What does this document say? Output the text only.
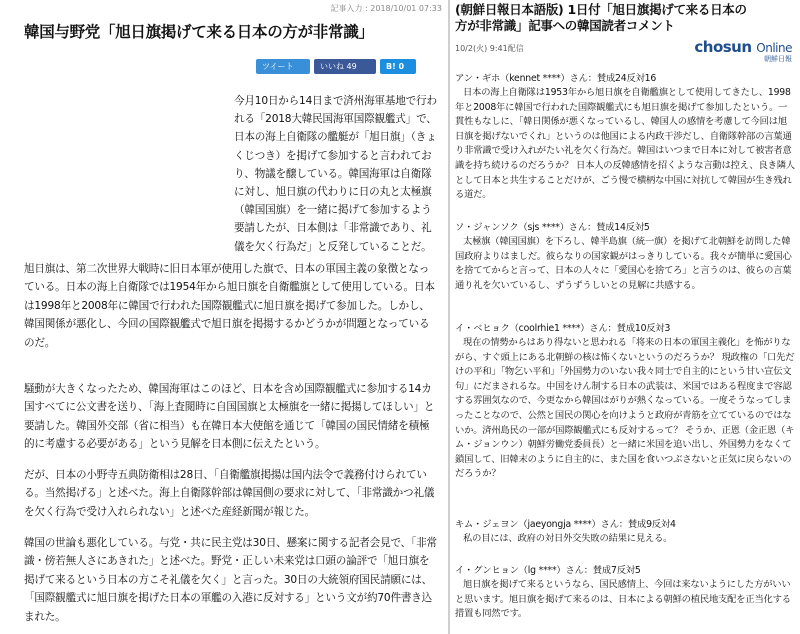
記事入力 : 2018/10/01 07:33
韓国与野党「旭日旗掲げて来る日本の方が非常識」
ツイート	いいね 49	B! 0

今月10日から14日まで済州海軍基地で行われる「2018大韓民国海軍国際観艦式」で、日本の海上自衛隊の艦艇が「旭日旗」（きょくじつき）を掲げて参加すると言われており、物議を醸している。韓国海軍は自衛隊に対し、旭日旗の代わりに日の丸と太極旗（韓国国旗）を一緒に掲げて参加するよう要請したが、日本側は「非常識であり、礼儀を欠く行為だ」と反発していることだ。

旭日旗は、第二次世界大戦時に旧日本軍が使用した旗で、日本の軍国主義の象徴となっている。日本の海上自衛隊では1954年から旭日旗を自衛艦旗として使用している。日本は1998年と2008年に韓国で行われた国際観艦式に旭日旗を掲げて参加した。しかし、韓国関係が悪化し、今回の国際観艦式で旭日旗を掲揚するかどうかが問題となっているのだ。

騒動が大きくなったため、韓国海軍はこのほど、日本を含め国際観艦式に参加する14カ国すべてに公文書を送り、「海上査閲時に自国国旗と太極旗を一緒に掲揚してほしい」と要請した。韓国外交部（省に相当）も在韓日本大使館を通じて「韓国の国民情緒を積極的に考慮する必要がある」という見解を日本側に伝えたという。

だが、日本の小野寺五典防衛相は28日、「自衛艦旗掲揚は国内法令で義務付けられている。当然掲げる」と述べた。海上自衛隊幹部は韓国側の要求に対して、「非常識かつ礼儀を欠く行為で受け入れられない」と述べた産経新聞が報じた。

韓国の世論も悪化している。与党・共に民主党は30日、懸案に関する記者会見で、「非常識・傍若無人さにあきれた」と述べた。野党・正しい未来党は口頭の論評で「旭日旗を掲げて来るという日本の方こそ礼儀を欠く」と言った。30日の大統領府国民請願には、「国際観艦式に旭日旗を掲げた日本の軍艦の入港に反対する」という文が約70件書き込まれた。

(朝鮮日報日本語版) 1日付「旭日旗掲げて来る日本の方が非常識」記事への韓国読者コメント
10/2(火) 9:41配信	chosun Online
朝鮮日報
アン・ギホ（kennet ****）さん：賛成24反対16

日本の海上自衛隊は1953年から旭日旗を自衛艦旗として使用してきたし、1998年と2008年に韓国で行われた国際観艦式にも旭日旗を掲げて参加したという。一貫性もなしに、「韓日関係が悪くなっているし、韓国人の感情を考慮して今回は旭日旗を掲げないでくれ」というのは他国による内政干渉だし、自衛隊幹部の言葉通り非常識で受け入れがたい礼を欠く行為だ。韓国はいつまで日本に対して被害者意識を持ち続けるのだろうか？ 日本人の反韓感情を招くような言動は控え、良き隣人として日本と共生することだけが、ごう慢で横柄な中国に対抗して韓国が生き残れる道だ。

ソ・ジャンソク（sjs ****）さん：賛成14反対5

太極旗（韓国国旗）を下ろし、韓半島旗（統一旗）を掲げて北朝鮮を訪問した韓国政府よりはましだ。彼らなりの国家観がはっきりしている。我々が簡単に愛国心を捨ててからと言って、日本の人々に「愛国心を捨てろ」と言うのは、彼らの言葉通り礼を欠いているし、ずうずうしいとの見解に共感する。

イ・ベヒョク（coolrhie1 ****）さん：賛成10反対3

現在の情勢からはあり得ないと思われる「将来の日本の軍国主義化」を怖がりながら、すぐ頭上にある北朝鮮の核は怖くないというのだろうか？ 現政権の「口先だけの平和」「物乞い平和」「外国勢力のいない我々同士で自主的にという甘い宣伝文句」にだまされるな。中国をけん制する日本の武装は、米国ではある程度まで容認する雰囲気なので、今更なから韓国はがりが熱くなっている。一度そうなってしまったことなので、公然と国民の関心を向けようと政府が青筋を立てているのではないか。済州島民の一部が国際観艦式にも反対するって？ そうか、正恩（金正恩（キム・ジョンウン）朝鮮労働党委員長）と一緒に米国を追い出し、外国勢力をなくて鎖国して、旧韓末のように自主的に、また国を食いつぶさないと正気に戻らないのだろうか？

キム・ジェヨン（jaeyongja ****）さん：賛成9反対4

私の目には、政府の対日外交失敗の結果に見える。

イ・グンヒョン（lg ****）さん：賛成7反対5

旭日旗を掲げて来るというなら、国民感情上、今回は来ないようにした方がいいと思います。旭日旗を掲げて来るのは、日本による朝鮮の植民地支配を正当化する措置も同然です。
